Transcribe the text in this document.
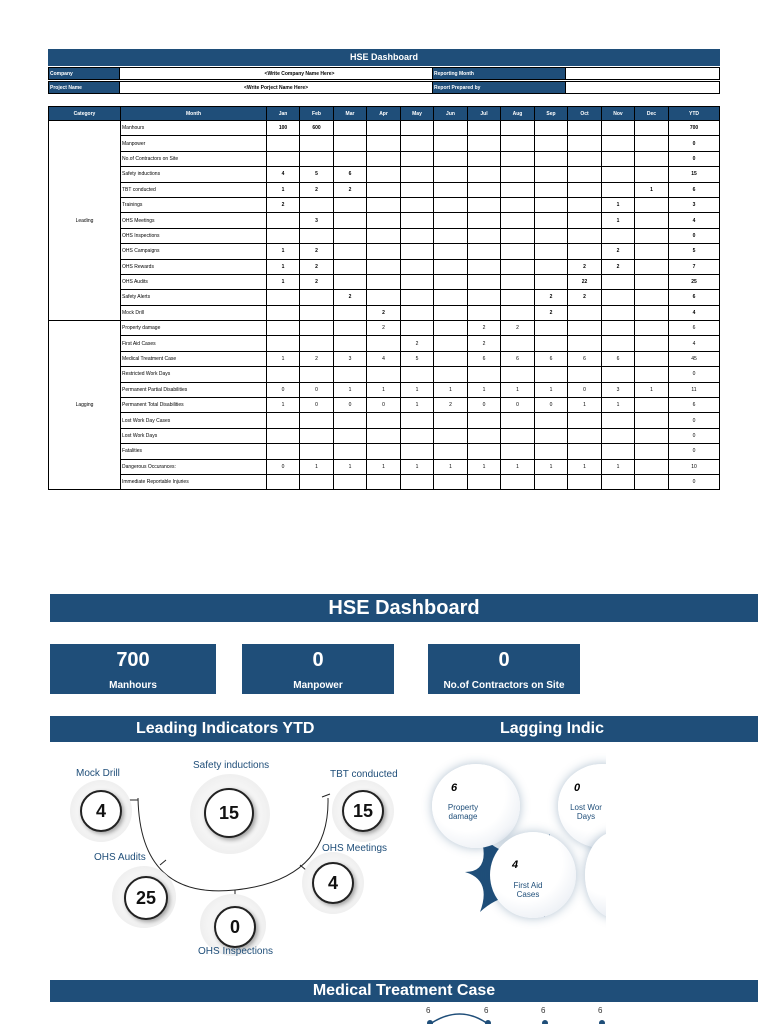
HSE Dashboard
Company	<Write Company Name Here>	Reporting Month
Project Name	<Write Porject Name Here>	Report Prepared by
Category	Month	Jan	Feb	Mar	Apr	May	Jun	Jul	Aug	Sep	Oct	Nov	Dec	YTD
Leading	Manhours	100	600											700
	Manpower													0
	No.of Contractors on Site													0
	Safety inductions	4	5	6										15
	TBT conducted	1	2	2									1	6
	Trainings	2										1		3
	OHS Meetings		3									1		4
	OHS Inspections													0
	OHS Campaigns	1	2									2		5
	OHS Rewards	1	2								2	2		7
	OHS Audits	1	2								22			25
	Safety Alerts			2						2	2			6
	Mock Drill				2					2				4
Lagging	Property damage				2			2	2					6
	First Aid Cases					2		2						4
	Medical Treatment Case	1	2	3	4	5		6	6	6	6	6		45
	Restricted Work Days													0
	Permanent Partial Disabilities	0	0	1	1	1	1	1	1	1	0	3	1	11
	Permanent Total Disabilities	1	0	0	0	1	2	0	0	0	1	1		6
	Lost Work Day Cases													0
	Lost Work Days													0
	Fatalities													0
	Dangerous Occurances:	0	1	1	1	1	1	1	1	1	1	1		10
	Immediate Reportable Injuries													0
HSE Dashboard
700
Manhours
0
Manpower
0
No.of Contractors on Site
Leading Indicators YTD	Lagging Indic
4
Mock Drill
15
Safety inductions
15
TBT conducted
4
OHS Meetings
0
OHS Inspections
25
OHS Audits
6
Property
damage
0
Lost Wor
Days
4
First Aid
Cases
Medical Treatment Case
6	6	6	6
